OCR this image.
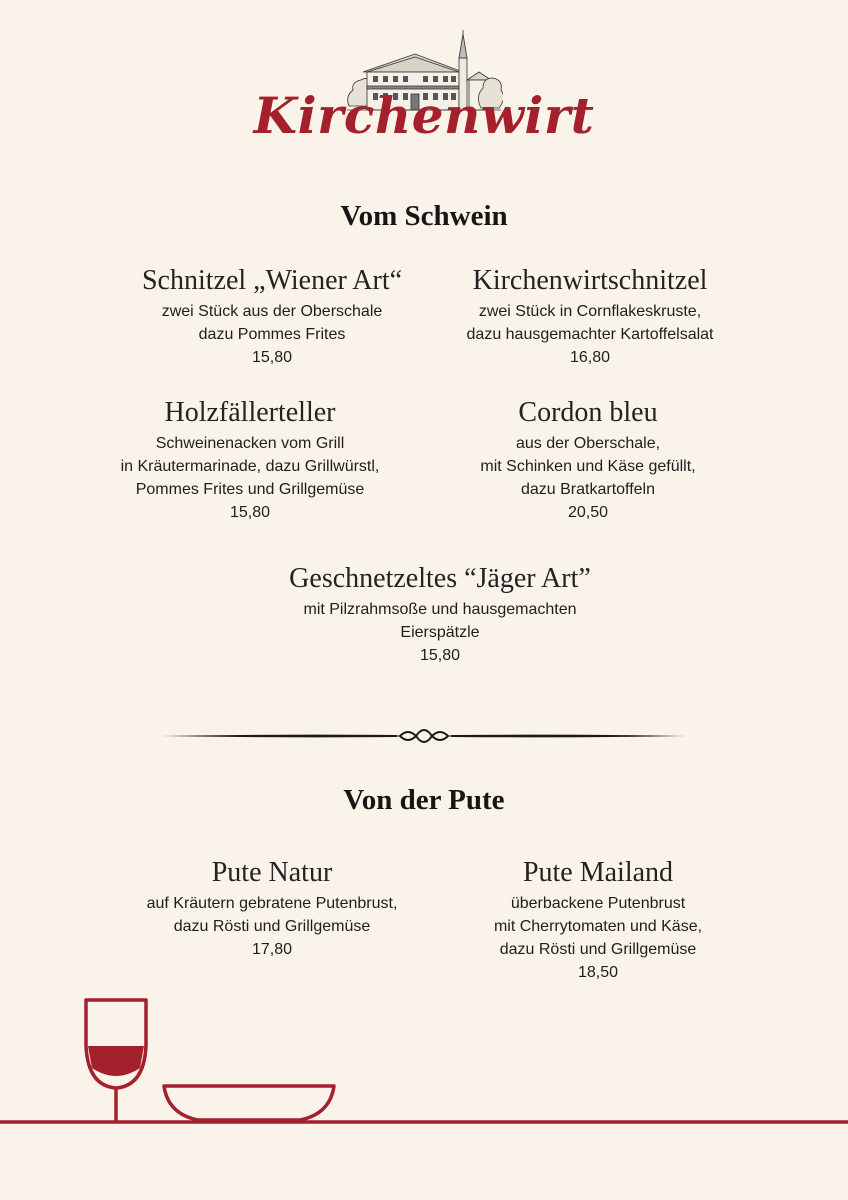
Kirchenwirt
Vom Schwein
Schnitzel „Wiener Art“
zwei Stück aus der Oberschale
dazu Pommes Frites
15,80
Kirchenwirtschnitzel
zwei Stück in Cornflakeskruste,
dazu hausgemachter Kartoffelsalat
16,80
Holzfällerteller
Schweinenacken vom Grill
in Kräutermarinade, dazu Grillwürstl,
Pommes Frites und Grillgemüse
15,80
Cordon bleu
aus der Oberschale,
mit Schinken und Käse gefüllt,
dazu Bratkartoffeln
20,50
Geschnetzeltes “Jäger Art”
mit Pilzrahmsoße und hausgemachten
Eierspätzle
15,80
Von der Pute
Pute Natur
auf Kräutern gebratene Putenbrust,
dazu Rösti und Grillgemüse
17,80
Pute Mailand
überbackene Putenbrust
mit Cherrytomaten und Käse,
dazu Rösti und Grillgemüse
18,50
